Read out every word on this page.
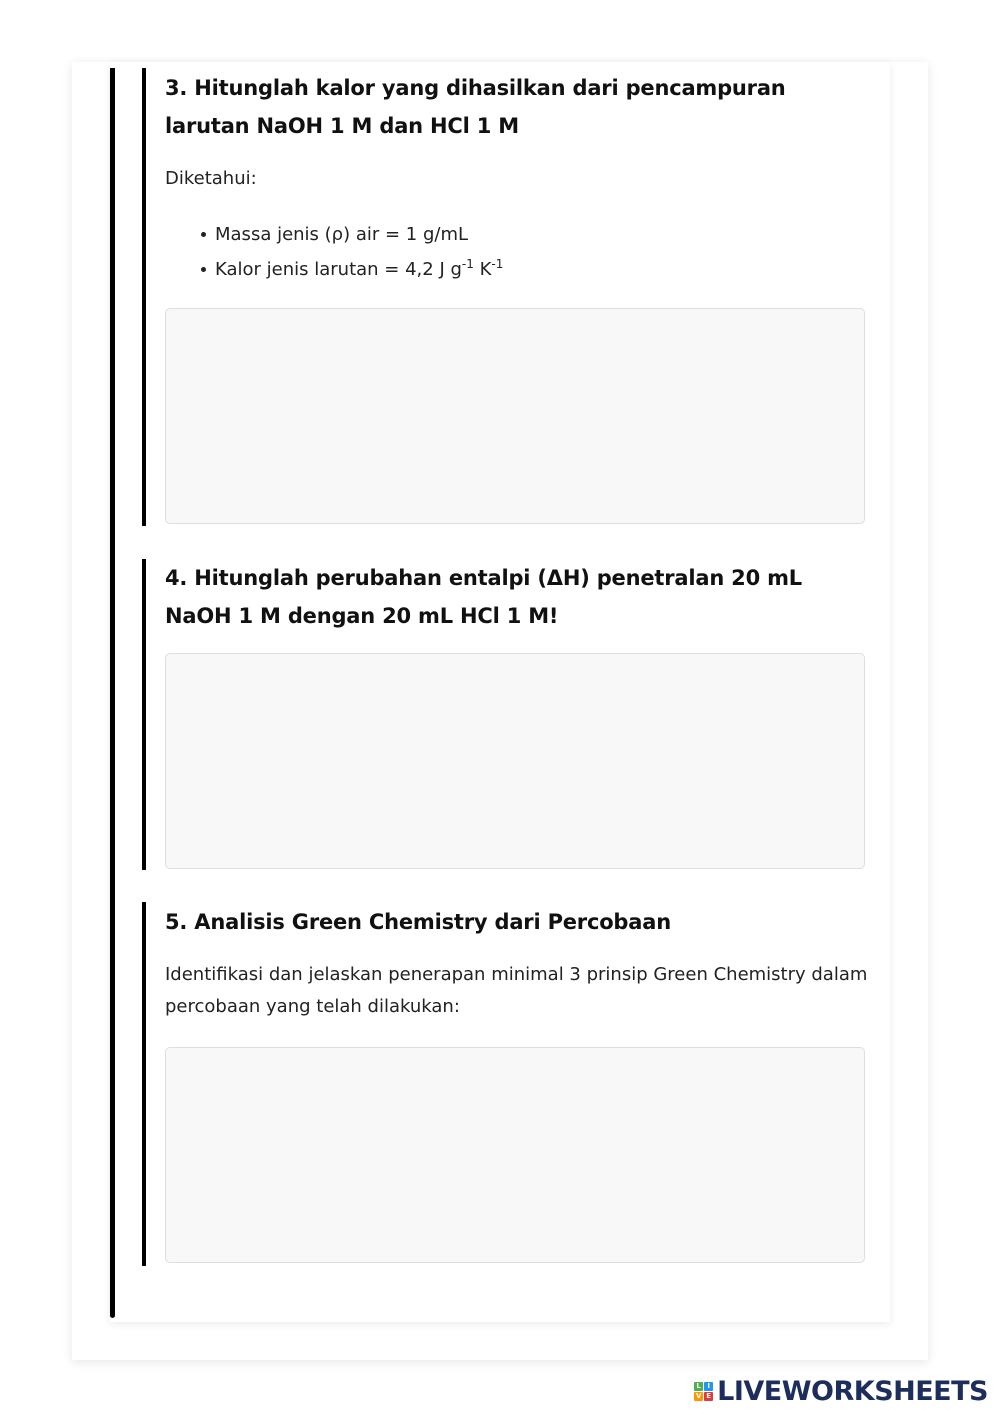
3. Hitunglah kalor yang dihasilkan dari pencampuran larutan NaOH 1 M dan HCl 1 M

Diketahui:

Massa jenis (ρ) air = 1 g/mL
Kalor jenis larutan = 4,2 J $g^{-1}$ $K^{-1}$
4. Hitunglah perubahan entalpi (ΔH) penetralan 20 mL NaOH 1 M dengan 20 mL HCl 1 M!
5. Analisis Green Chemistry dari Percobaan

Identifikasi dan jelaskan penerapan minimal 3 prinsip Green Chemistry dalam percobaan yang telah dilakukan:

L I
V E LIVEWORKSHEETS
